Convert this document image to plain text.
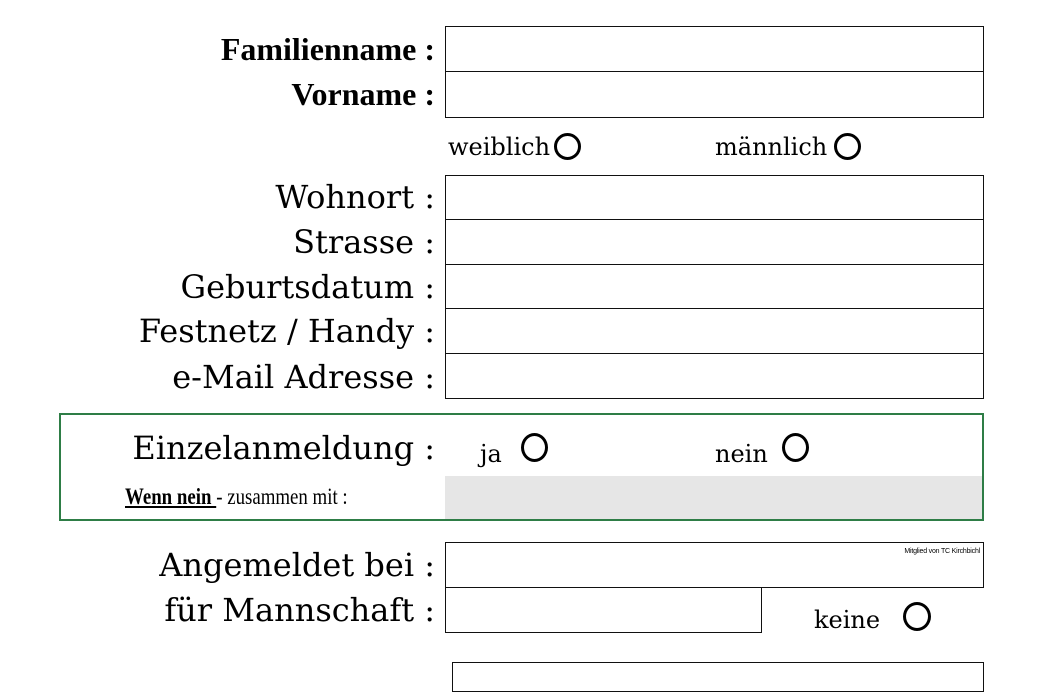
Familienname :
Vorname :
weiblich	männlich
Wohnort :
Strasse :
Geburtsdatum :
Festnetz / Handy :
e-Mail Adresse :
Einzelanmeldung : ja	nein
Wenn nein - zusammen mit :
Angemeldet bei :	Mitglied von TC Kirchbichl
für Mannschaft :	keine
